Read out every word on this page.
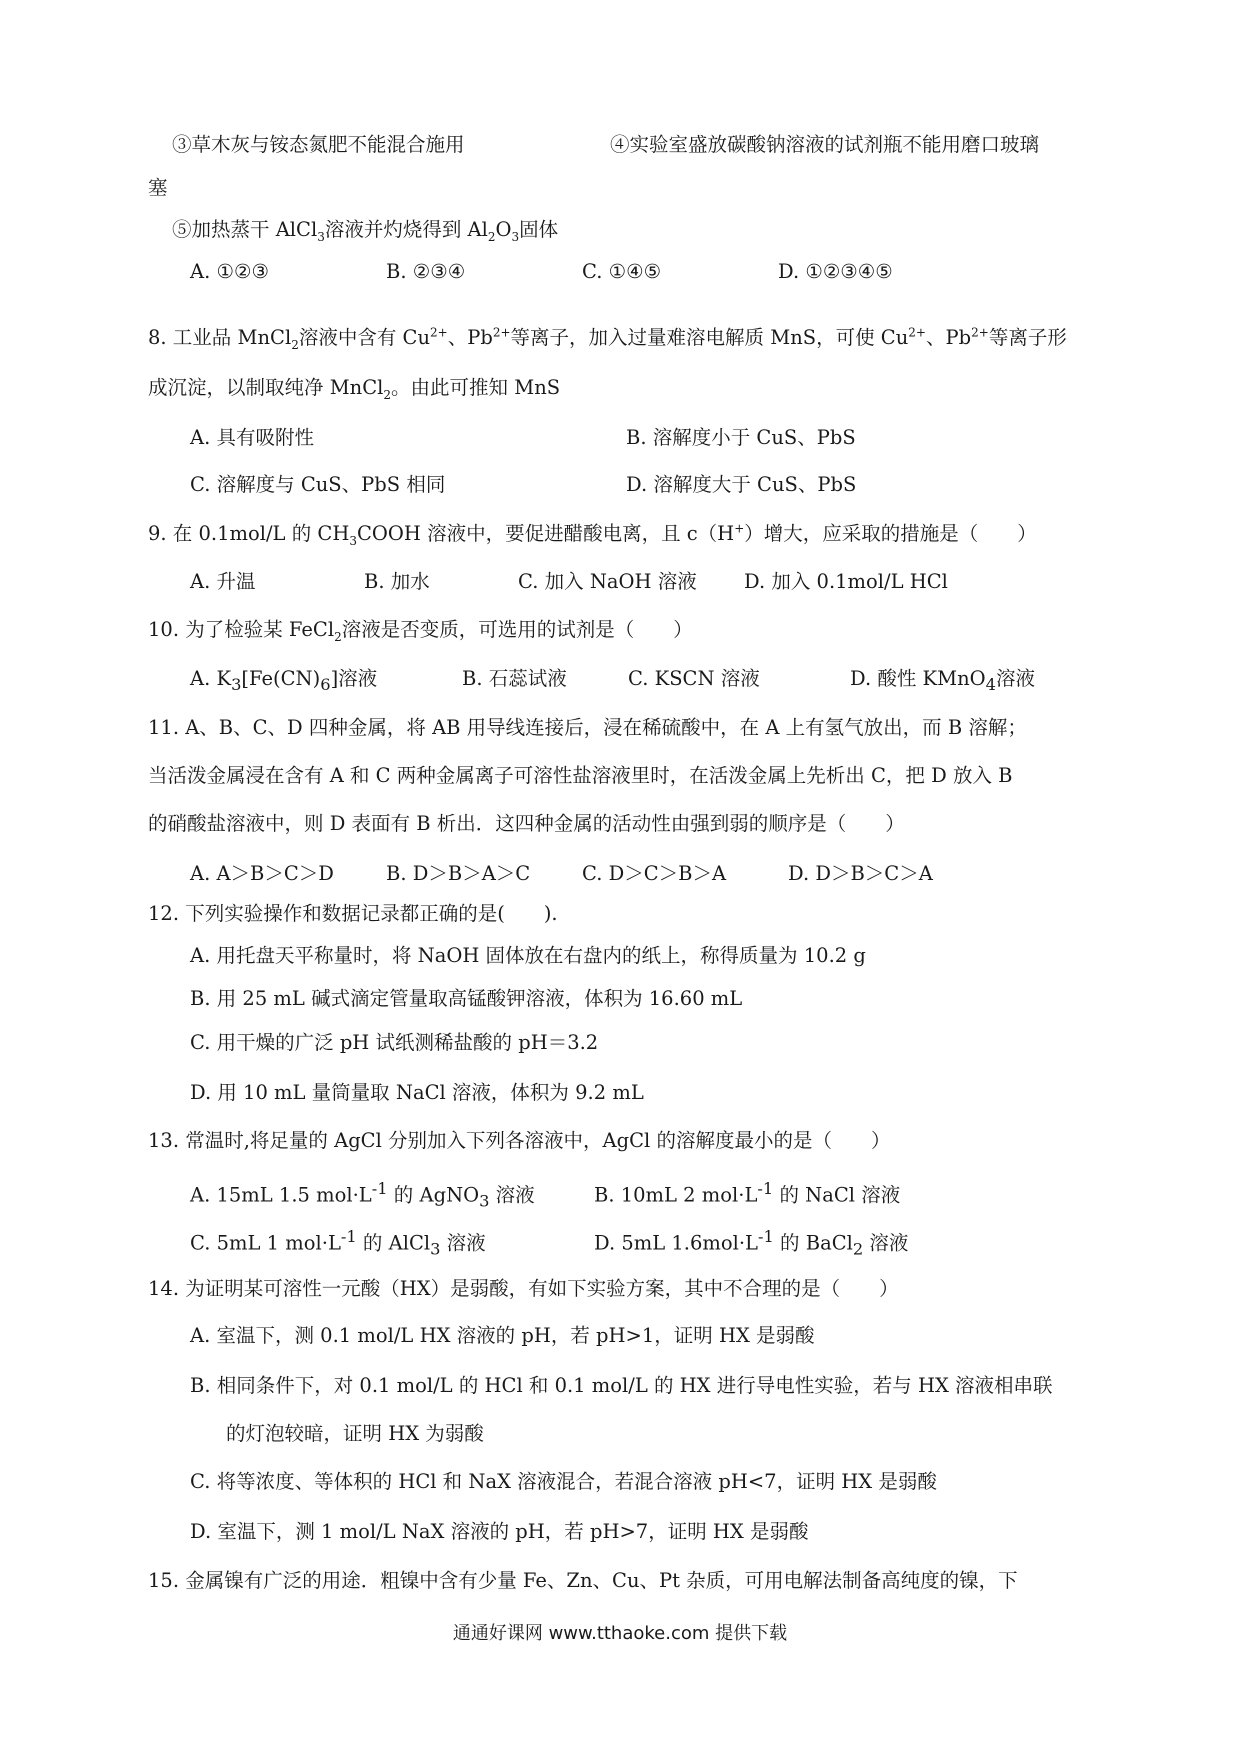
③草木灰与铵态氮肥不能混合施用	④实验室盛放碳酸钠溶液的试剂瓶不能用磨口玻璃
塞
⑤加热蒸干 AlCl$_3$溶液并灼烧得到 $Al_2O_3$固体
A. ①②③	B. ②③④	C. ①④⑤	D. ①②③④⑤
8. 工业品 MnCl$_2$溶液中含有 $Cu^{2+}$、$Pb^{2+}$等离子，加入过量难溶电解质 MnS，可使 $Cu^{2+}$、$Pb^{2+}$等离子形
成沉淀，以制取纯净 MnCl$_2$。由此可推知 MnS
A. 具有吸附性	B. 溶解度小于 CuS、PbS
C. 溶解度与 CuS、PbS 相同	D. 溶解度大于 CuS、PbS
9. 在 0.1mol/L 的 $CH_3COOH$ 溶液中，要促进醋酸电离，且 c（H+）增大，应采取的措施是（　　）
A. 升温	B. 加水	C. 加入 NaOH 溶液 D. 加入 0.1mol/L HCl
10. 为了检验某 FeCl$_2$溶液是否变质，可选用的试剂是（　　）
A. $K_3[Fe(CN)_6]$溶液	B. 石蕊试液	C. KSCN 溶液	D. 酸性 KMnO$_4$溶液
11. A、B、C、D 四种金属，将 AB 用导线连接后，浸在稀硫酸中，在 A 上有氢气放出，而 B 溶解；
当活泼金属浸在含有 A 和 C 两种金属离子可溶性盐溶液里时，在活泼金属上先析出 C，把 D 放入 B
的硝酸盐溶液中，则 D 表面有 B 析出．这四种金属的活动性由强到弱的顺序是（　　）
A. A＞B＞C＞D	B. D＞B＞A＞C	C. D＞C＞B＞A	D. D＞B＞C＞A
12. 下列实验操作和数据记录都正确的是(　　).
A. 用托盘天平称量时，将 NaOH 固体放在右盘内的纸上，称得质量为 10.2 g
B. 用 25 mL 碱式滴定管量取高锰酸钾溶液，体积为 16.60 mL
C. 用干燥的广泛 pH 试纸测稀盐酸的 pH＝3.2
D. 用 10 mL 量筒量取 NaCl 溶液，体积为 9.2 mL
13. 常温时,将足量的 AgCl 分别加入下列各溶液中，AgCl 的溶解度最小的是（　　）
A. 15mL 1.5 $mol\cdot L^{-1}$ 的 AgNO$_3$ 溶液	B. 10mL 2 $mol\cdot L^{-1}$ 的 NaCl 溶液
C. 5mL 1 $mol\cdot L^{-1}$ 的 AlCl$_3$ 溶液	D. 5mL $1.6mol\cdot L^{-1}$ 的 BaCl$_2$ 溶液
14. 为证明某可溶性一元酸（HX）是弱酸，有如下实验方案，其中不合理的是（　　）
A. 室温下，测 0.1 mol/L HX 溶液的 pH，若 pH>1，证明 HX 是弱酸
B. 相同条件下，对 0.1 mol/L 的 HCl 和 0.1 mol/L 的 HX 进行导电性实验，若与 HX 溶液相串联
的灯泡较暗，证明 HX 为弱酸
C. 将等浓度、等体积的 HCl 和 NaX 溶液混合，若混合溶液 pH<7，证明 HX 是弱酸
D. 室温下，测 1 mol/L NaX 溶液的 pH，若 pH>7，证明 HX 是弱酸
15. 金属镍有广泛的用途．粗镍中含有少量 Fe、Zn、Cu、Pt 杂质，可用电解法制备高纯度的镍，下
通通好课网 www.tthaoke.com 提供下载
